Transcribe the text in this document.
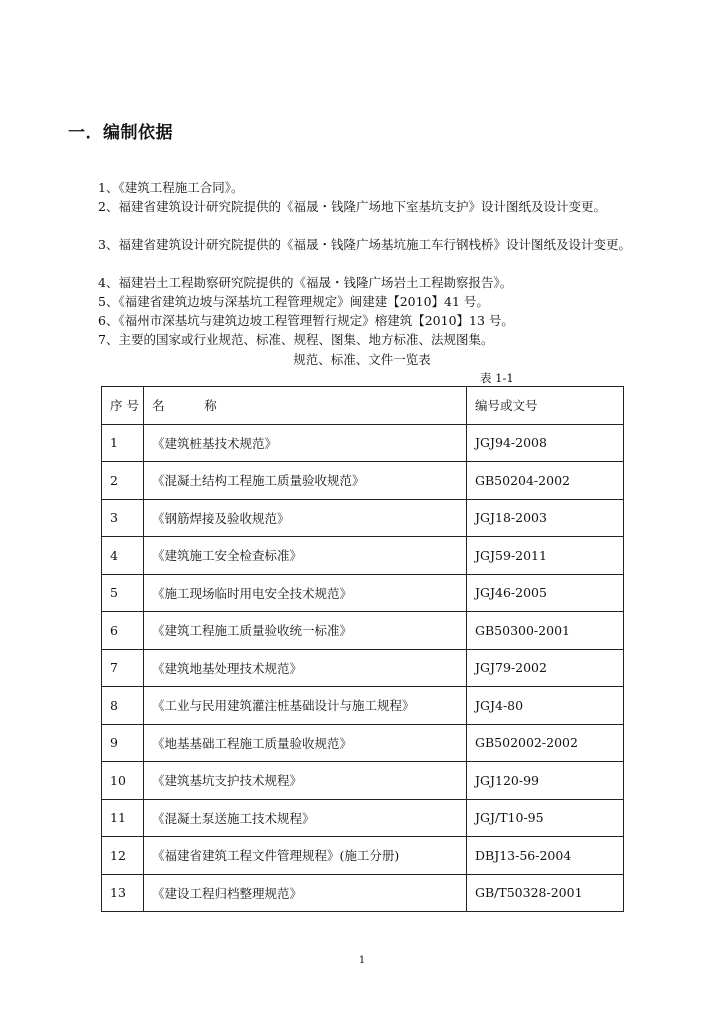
一．编制依据
1、《建筑工程施工合同》。
2、福建省建筑设计研究院提供的《福晟・钱隆广场地下室基坑支护》设计图纸及设计变更。
3、福建省建筑设计研究院提供的《福晟・钱隆广场基坑施工车行钢栈桥》设计图纸及设计变更。
4、福建岩土工程勘察研究院提供的《福晟・钱隆广场岩土工程勘察报告》。
5、《福建省建筑边坡与深基坑工程管理规定》闽建建【2010】41 号。
6、《福州市深基坑与建筑边坡工程管理暂行规定》榕建筑【2010】13 号。
7、主要的国家或行业规范、标准、规程、图集、地方标准、法规图集。
规范、标准、文件一览表
表 1-1
序 号	名          称	编号或文号
1	《建筑桩基技术规范》	JGJ94-2008
2	《混凝土结构工程施工质量验收规范》	GB50204-2002
3	《钢筋焊接及验收规范》	JGJ18-2003
4	《建筑施工安全检查标准》	JGJ59-2011
5	《施工现场临时用电安全技术规范》	JGJ46-2005
6	《建筑工程施工质量验收统一标准》	GB50300-2001
7	《建筑地基处理技术规范》	JGJ79-2002
8	《工业与民用建筑灌注桩基础设计与施工规程》	JGJ4-80
9	《地基基础工程施工质量验收规范》	GB502002-2002
10	《建筑基坑支护技术规程》	JGJ120-99
11	《混凝土泵送施工技术规程》	JGJ/T10-95
12	《福建省建筑工程文件管理规程》(施工分册)	DBJ13-56-2004
13	《建设工程归档整理规范》	GB/T50328-2001
1
